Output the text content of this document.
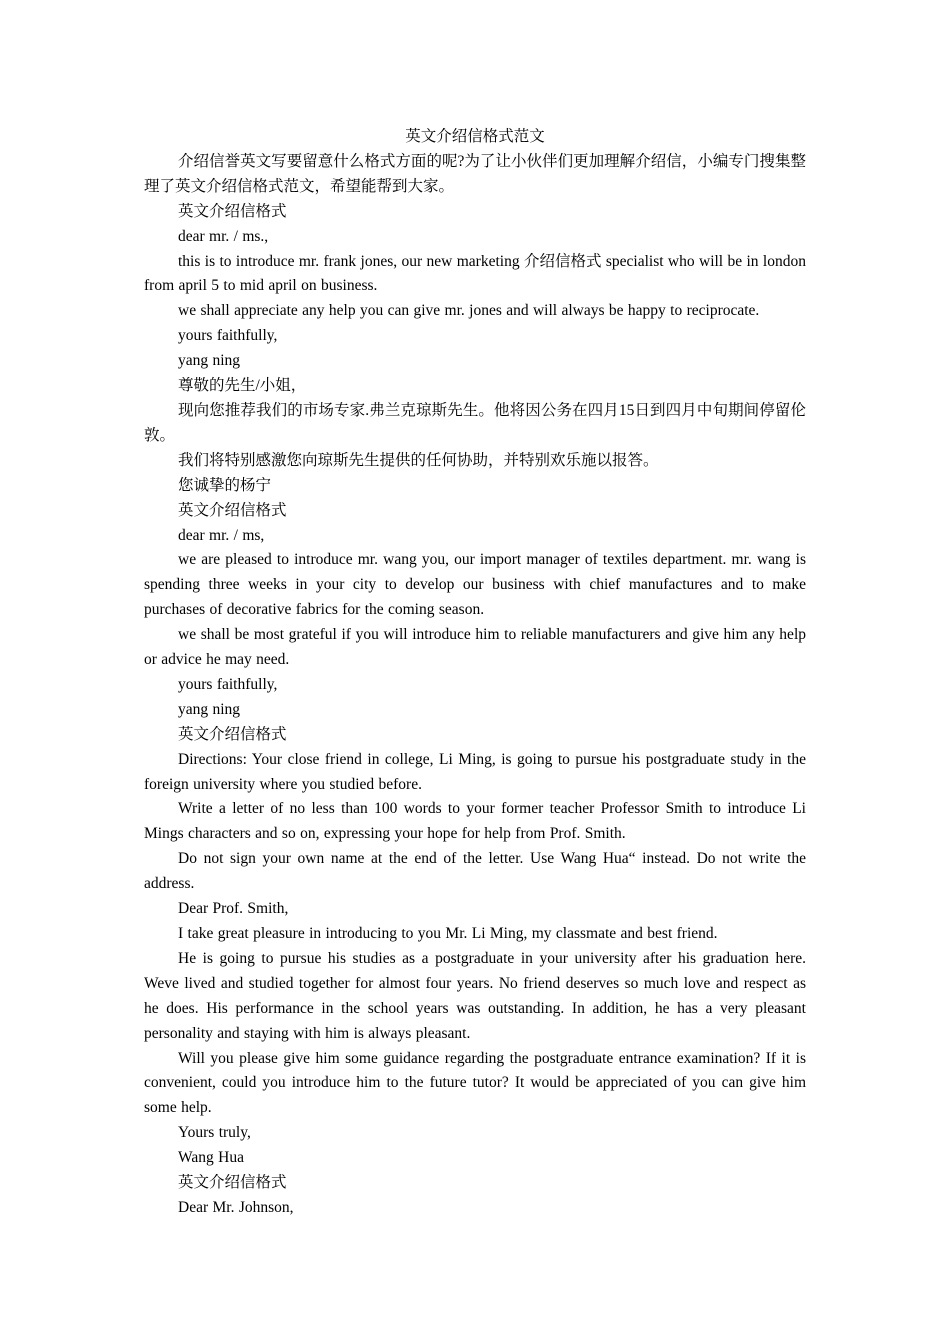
英文介绍信格式范文

介绍信誉英文写要留意什么格式方面的呢?为了让小伙伴们更加理解介绍信，小编专门搜集整理了英文介绍信格式范文，希望能帮到大家。

英文介绍信格式

dear mr. / ms.,

this is to introduce mr. frank jones, our new marketing 介绍信格式 specialist who will be in london from april 5 to mid april on business.

we shall appreciate any help you can give mr. jones and will always be happy to reciprocate.

yours faithfully,

yang ning

尊敬的先生/小姐，

现向您推荐我们的市场专家.弗兰克琼斯先生。他将因公务在四月15日到四月中旬期间停留伦敦。

我们将特别感激您向琼斯先生提供的任何协助，并特别欢乐施以报答。

您诚挚的杨宁

英文介绍信格式

dear mr. / ms,

we are pleased to introduce mr. wang you, our import manager of textiles department. mr. wang is spending three weeks in your city to develop our business with chief manufactures and to make purchases of decorative fabrics for the coming season.

we shall be most grateful if you will introduce him to reliable manufacturers and give him any help or advice he may need.

yours faithfully,

yang ning

英文介绍信格式

Directions: Your close friend in college, Li Ming, is going to pursue his postgraduate study in the foreign university where you studied before.

Write a letter of no less than 100 words to your former teacher Professor Smith to introduce Li Mings characters and so on, expressing your hope for help from Prof. Smith.

Do not sign your own name at the end of the letter. Use Wang Hua“ instead. Do not write the address.

Dear Prof. Smith,

I take great pleasure in introducing to you Mr. Li Ming, my classmate and best friend.

He is going to pursue his studies as a postgraduate in your university after his graduation here. Weve lived and studied together for almost four years. No friend deserves so much love and respect as he does. His performance in the school years was outstanding. In addition, he has a very pleasant personality and staying with him is always pleasant.

Will you please give him some guidance regarding the postgraduate entrance examination? If it is convenient, could you introduce him to the future tutor? It would be appreciated of you can give him some help.

Yours truly,

Wang Hua

英文介绍信格式

Dear Mr. Johnson,
